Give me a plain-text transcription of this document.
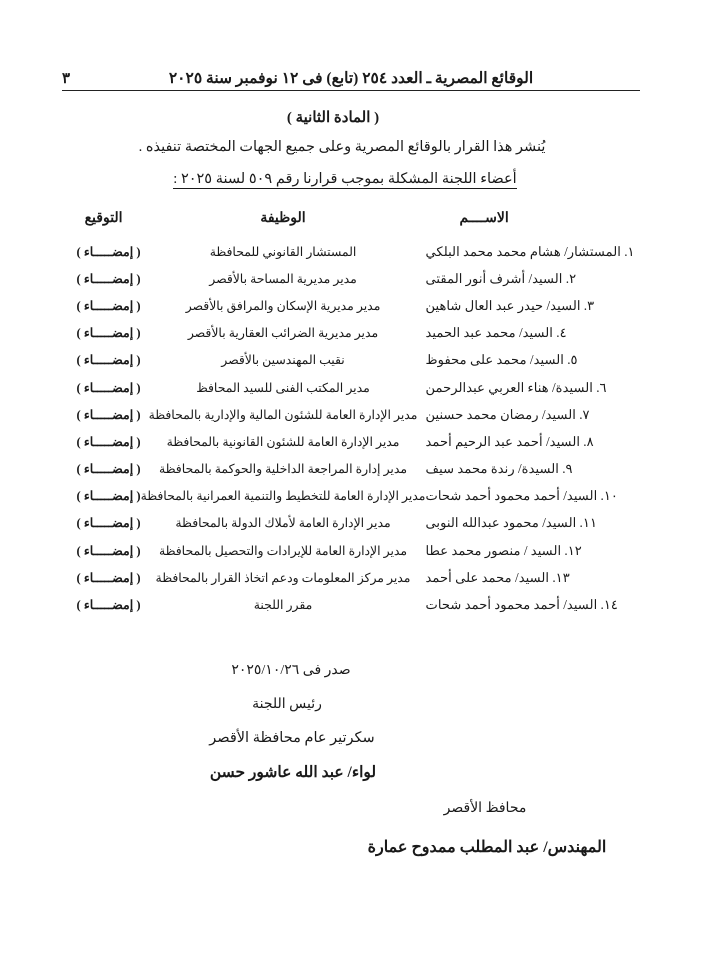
الوقائع المصرية ـ العدد ٢٥٤ (تابع) فى ١٢ نوفمبر سنة ٢٠٢٥
٣
( المادة الثانية )
يُنشر هذا القرار بالوقائع المصرية وعلى جميع الجهات المختصة تنفيذه .
أعضاء اللجنة المشكلة بموجب قرارنا رقم ٥٠٩ لسنة ٢٠٢٥ :
الاســــم	الوظيفة	التوقيع
١. المستشار/ هشام محمد محمد البلكي	المستشار القانوني للمحافظة	( إمضـــــاء )
٢. السيد/ أشرف أنور المقتى	مدير مديرية المساحة بالأقصر	( إمضـــــاء )
٣. السيد/ حيدر عبد العال شاهين	مدير مديرية الإسكان والمرافق بالأقصر	( إمضـــــاء )
٤. السيد/ محمد عبد الحميد	مدير مديرية الضرائب العقارية بالأقصر	( إمضـــــاء )
٥. السيد/ محمد على محفوظ	نقيب المهندسين بالأقصر	( إمضـــــاء )
٦. السيدة/ هناء العربي عبدالرحمن	مدير المكتب الفنى للسيد المحافظ	( إمضـــــاء )
٧. السيد/ رمضان محمد حسنين	مدير الإدارة العامة للشئون المالية والإدارية بالمحافظة	( إمضـــــاء )
٨. السيد/ أحمد عبد الرحيم أحمد	مدير الإدارة العامة للشئون القانونية بالمحافظة	( إمضـــــاء )
٩. السيدة/ رندة محمد سيف	مدير إدارة المراجعة الداخلية والحوكمة بالمحافظة	( إمضـــــاء )
١٠. السيد/ أحمد محمود أحمد شحات	مدير الإدارة العامة للتخطيط والتنمية العمرانية بالمحافظة	( إمضـــــاء )
١١. السيد/ محمود عبدالله النوبى	مدير الإدارة العامة لأملاك الدولة بالمحافظة	( إمضـــــاء )
١٢. السيد / منصور محمد عطا	مدير الإدارة العامة للإيرادات والتحصيل بالمحافظة	( إمضـــــاء )
١٣. السيد/ محمد على أحمد	مدير مركز المعلومات ودعم اتخاذ القرار بالمحافظة	( إمضـــــاء )
١٤. السيد/ أحمد محمود أحمد شحات	مقرر اللجنة	( إمضـــــاء )
صدر فى ٢٠٢٥/١٠/٢٦
رئيس اللجنة
سكرتير عام محافظة الأقصر
لواء/ عبد الله عاشور حسن
محافظ الأقصر
المهندس/ عبد المطلب ممدوح عمارة
